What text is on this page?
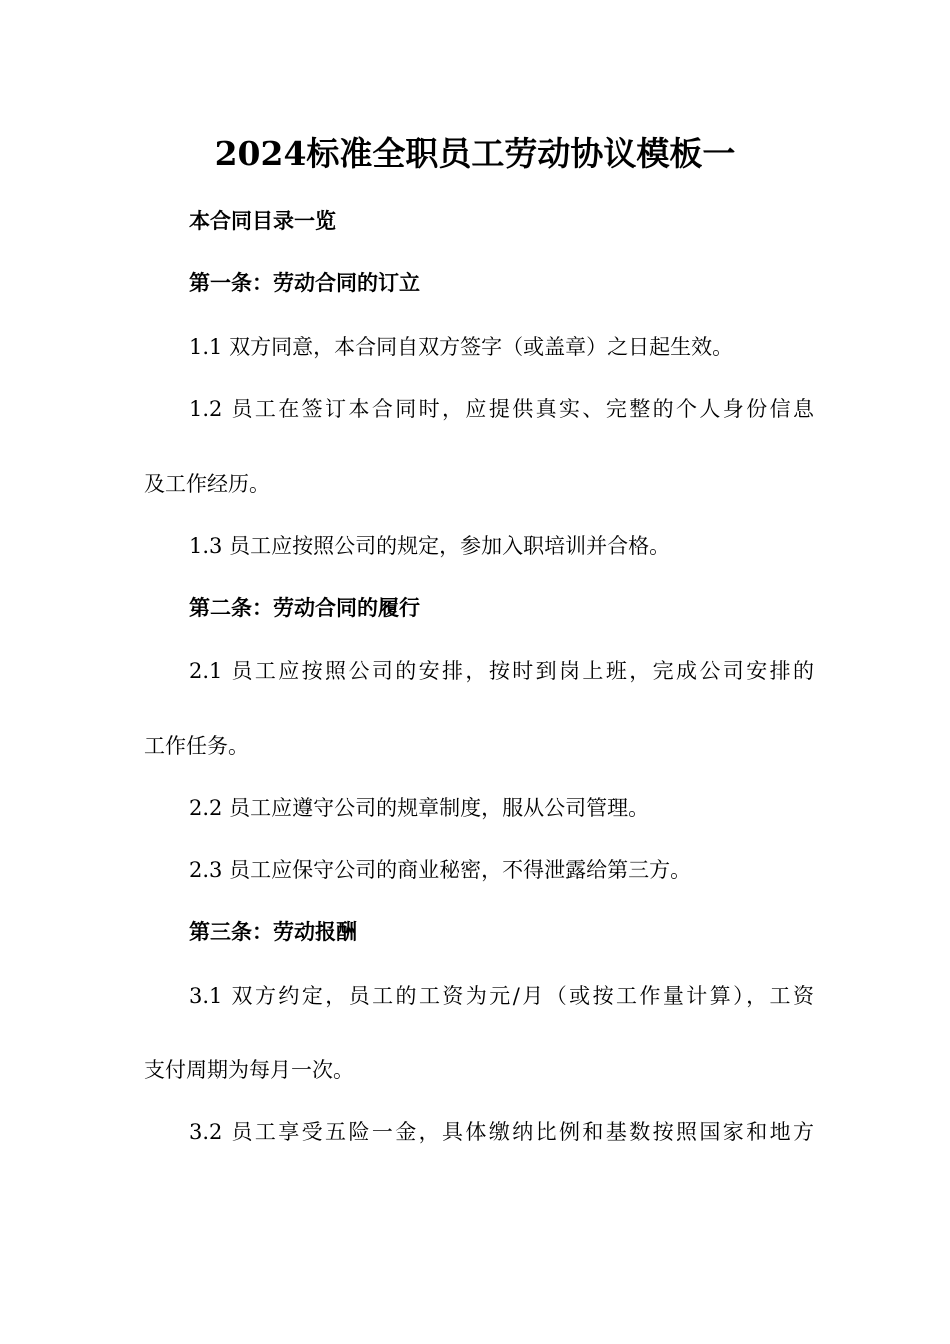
2024标准全职员工劳动协议模板一
本合同目录一览
第一条：劳动合同的订立
1.1 双方同意，本合同自双方签字（或盖章）之日起生效。
1.2 员工在签订本合同时，应提供真实、完整的个人身份信息
及工作经历。
1.3 员工应按照公司的规定，参加入职培训并合格。
第二条：劳动合同的履行
2.1 员工应按照公司的安排，按时到岗上班，完成公司安排的
工作任务。
2.2 员工应遵守公司的规章制度，服从公司管理。
2.3 员工应保守公司的商业秘密，不得泄露给第三方。
第三条：劳动报酬
3.1 双方约定，员工的工资为元/月（或按工作量计算），工资
支付周期为每月一次。
3.2 员工享受五险一金，具体缴纳比例和基数按照国家和地方
